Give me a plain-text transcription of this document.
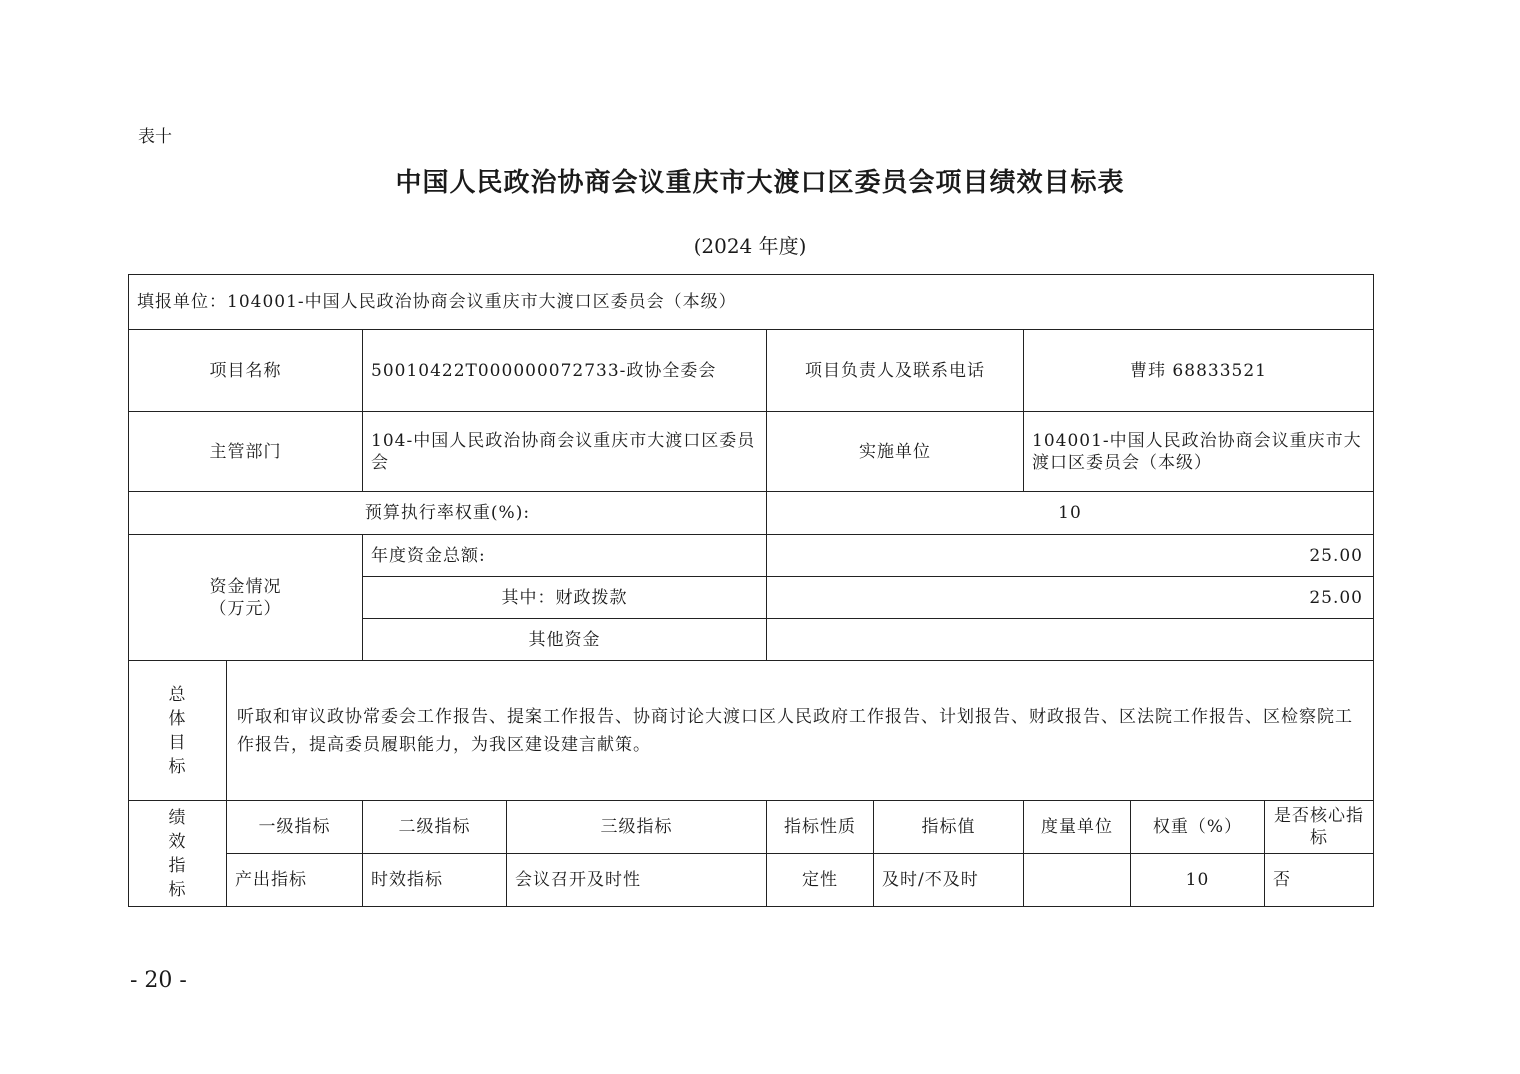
表十
中国人民政治协商会议重庆市大渡口区委员会项目绩效目标表
(2024 年度)
填报单位：104001-中国人民政治协商会议重庆市大渡口区委员会（本级）								
项目名称		50010422T000000072733-政协全委会		项目负责人及联系电话		曹玮 68833521		
主管部门		104-中国人民政治协商会议重庆市大渡口区委员会		实施单位		104001-中国人民政治协商会议重庆市大渡口区委员会（本级）		
预算执行率权重(%):				10				

资金情况
（万元）		年度资金总额:		25.00				
		其中：财政拨款		25.00				
		其他资金						

总
体
目
标	听取和审议政协常委会工作报告、提案工作报告、协商讨论大渡口区人民政府工作报告、计划报告、财政报告、区法院工作报告、区检察院工作报告，提高委员履职能力，为我区建设建言献策。							

绩
效
指
标	一级指标	二级指标	三级指标	指标性质	指标值	度量单位	权重（%）	是否核心指标
	产出指标	时效指标	会议召开及时性	定性	及时/不及时		10	否
- 20 -
